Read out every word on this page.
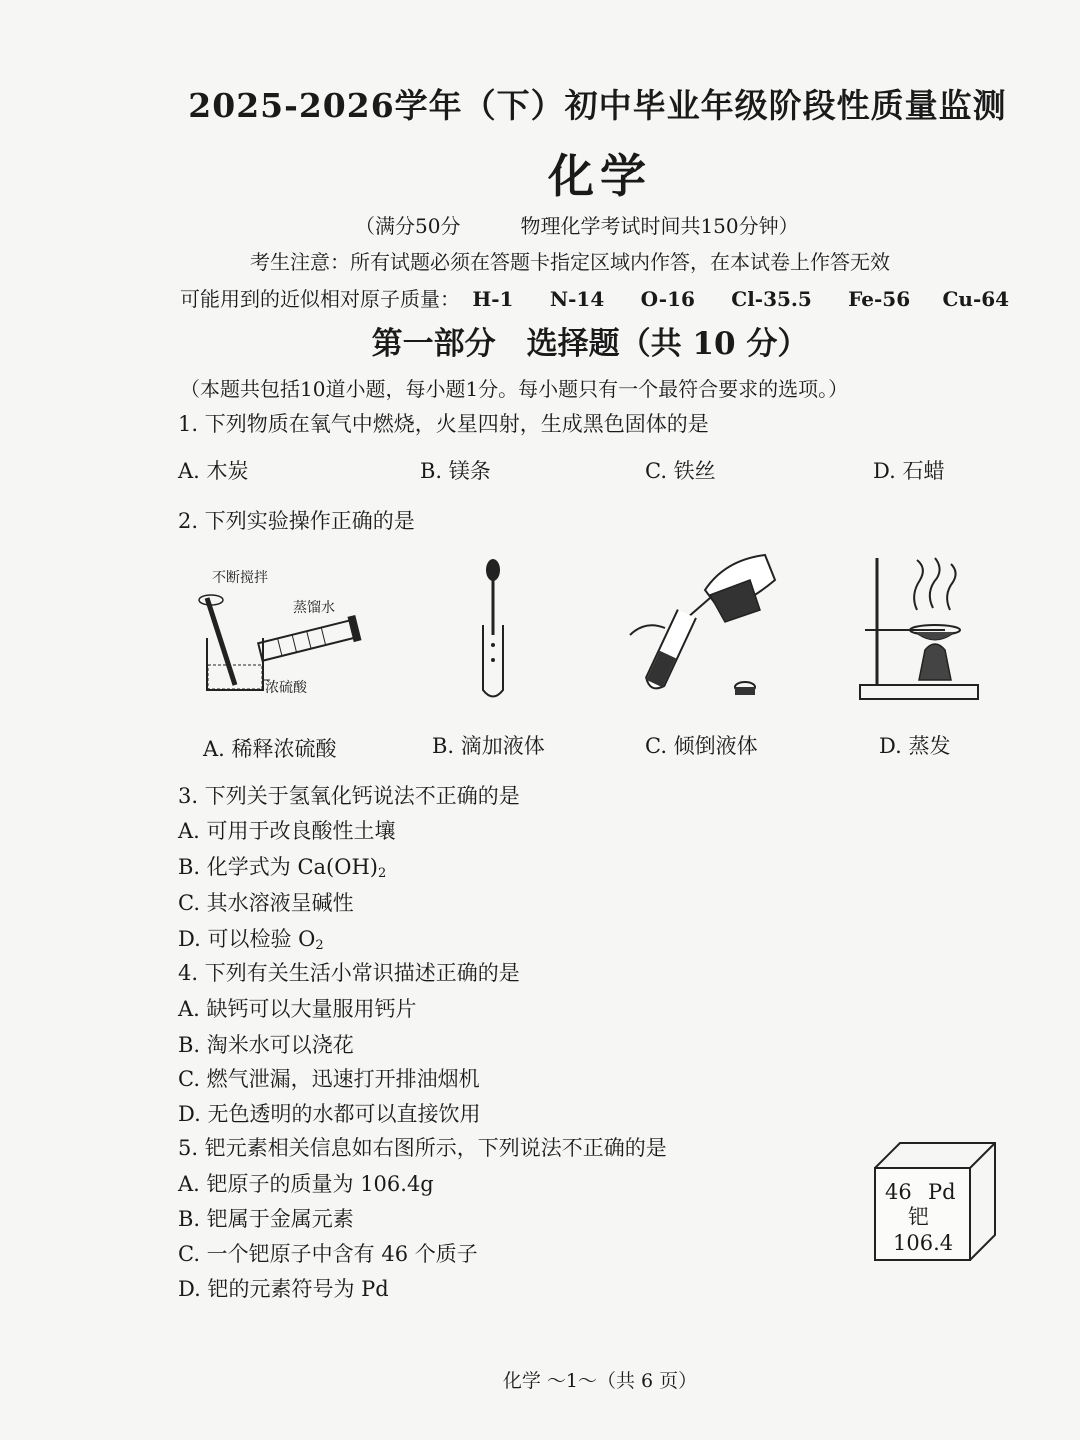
2025-2026学年（下）初中毕业年级阶段性质量监测
化学
（满分50分　　　物理化学考试时间共150分钟）
考生注意：所有试题必须在答题卡指定区域内作答，在本试卷上作答无效
可能用到的近似相对原子质量： H-1 N-14 O-16 Cl-35.5 Fe-56 Cu-64
第一部分　选择题（共 10 分）
（本题共包括10道小题，每小题1分。每小题只有一个最符合要求的选项。）
1. 下列物质在氧气中燃烧，火星四射，生成黑色固体的是
A. 木炭	B. 镁条	C. 铁丝	D. 石蜡
2. 下列实验操作正确的是
不断搅拌
蒸馏水
浓硫酸
A. 稀释浓硫酸	B. 滴加液体	C. 倾倒液体	D. 蒸发
3. 下列关于氢氧化钙说法不正确的是
A. 可用于改良酸性土壤
B. 化学式为 $Ca(OH)_2$
C. 其水溶液呈碱性
D. 可以检验 $O_2$
4. 下列有关生活小常识描述正确的是
A. 缺钙可以大量服用钙片
B. 淘米水可以浇花
C. 燃气泄漏，迅速打开排油烟机
D. 无色透明的水都可以直接饮用
5. 钯元素相关信息如右图所示，下列说法不正确的是
A. 钯原子的质量为 106.4g
B. 钯属于金属元素
C. 一个钯原子中含有 46 个质子
D. 钯的元素符号为 Pd
46 Pd
钯
106.4
化学 ～1～（共 6 页）
